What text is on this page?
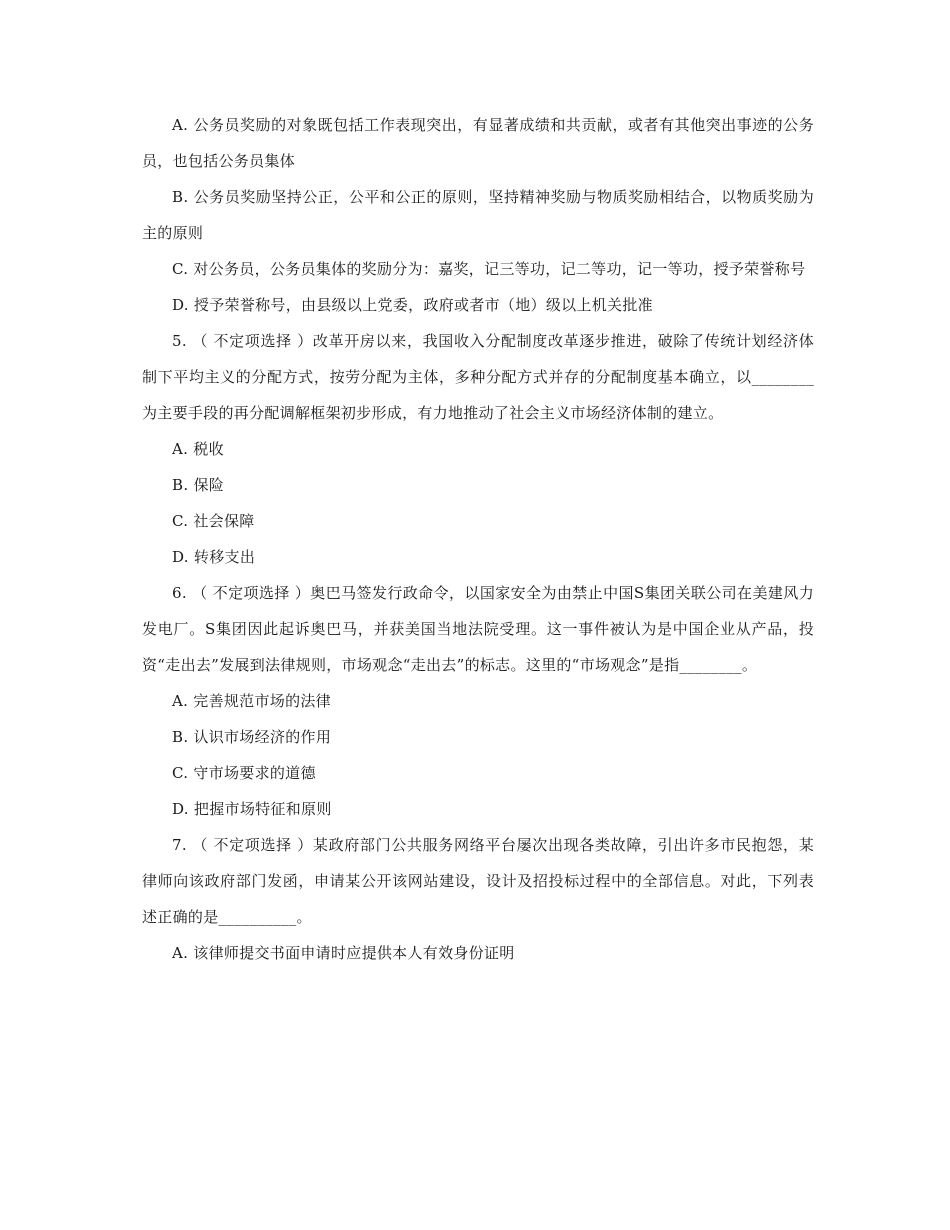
A. 公务员奖励的对象既包括工作表现突出，有显著成绩和共贡献，或者有其他突出事迹的公务员，也包括公务员集体

B. 公务员奖励坚持公正，公平和公正的原则，坚持精神奖励与物质奖励相结合，以物质奖励为主的原则

C. 对公务员，公务员集体的奖励分为：嘉奖，记三等功，记二等功，记一等功，授予荣誉称号

D. 授予荣誉称号，由县级以上党委，政府或者市（地）级以上机关批准

5. （ 不定项选择 ）改革开房以来，我国收入分配制度改革逐步推进，破除了传统计划经济体制下平均主义的分配方式，按劳分配为主体，多种分配方式并存的分配制度基本确立，以________为主要手段的再分配调解框架初步形成，有力地推动了社会主义市场经济体制的建立。

A. 税收

B. 保险

C. 社会保障

D. 转移支出

6. （ 不定项选择 ）奥巴马签发行政命令，以国家安全为由禁止中国S集团关联公司在美建风力发电厂。S集团因此起诉奥巴马，并获美国当地法院受理。这一事件被认为是中国企业从产品，投资“走出去”发展到法律规则，市场观念“走出去”的标志。这里的“市场观念”是指________。

A. 完善规范市场的法律

B. 认识市场经济的作用

C. 守市场要求的道德

D. 把握市场特征和原则

7. （ 不定项选择 ）某政府部门公共服务网络平台屡次出现各类故障，引出许多市民抱怨，某律师向该政府部门发函，申请某公开该网站建设，设计及招投标过程中的全部信息。对此，下列表述正确的是__________。

A. 该律师提交书面申请时应提供本人有效身份证明
